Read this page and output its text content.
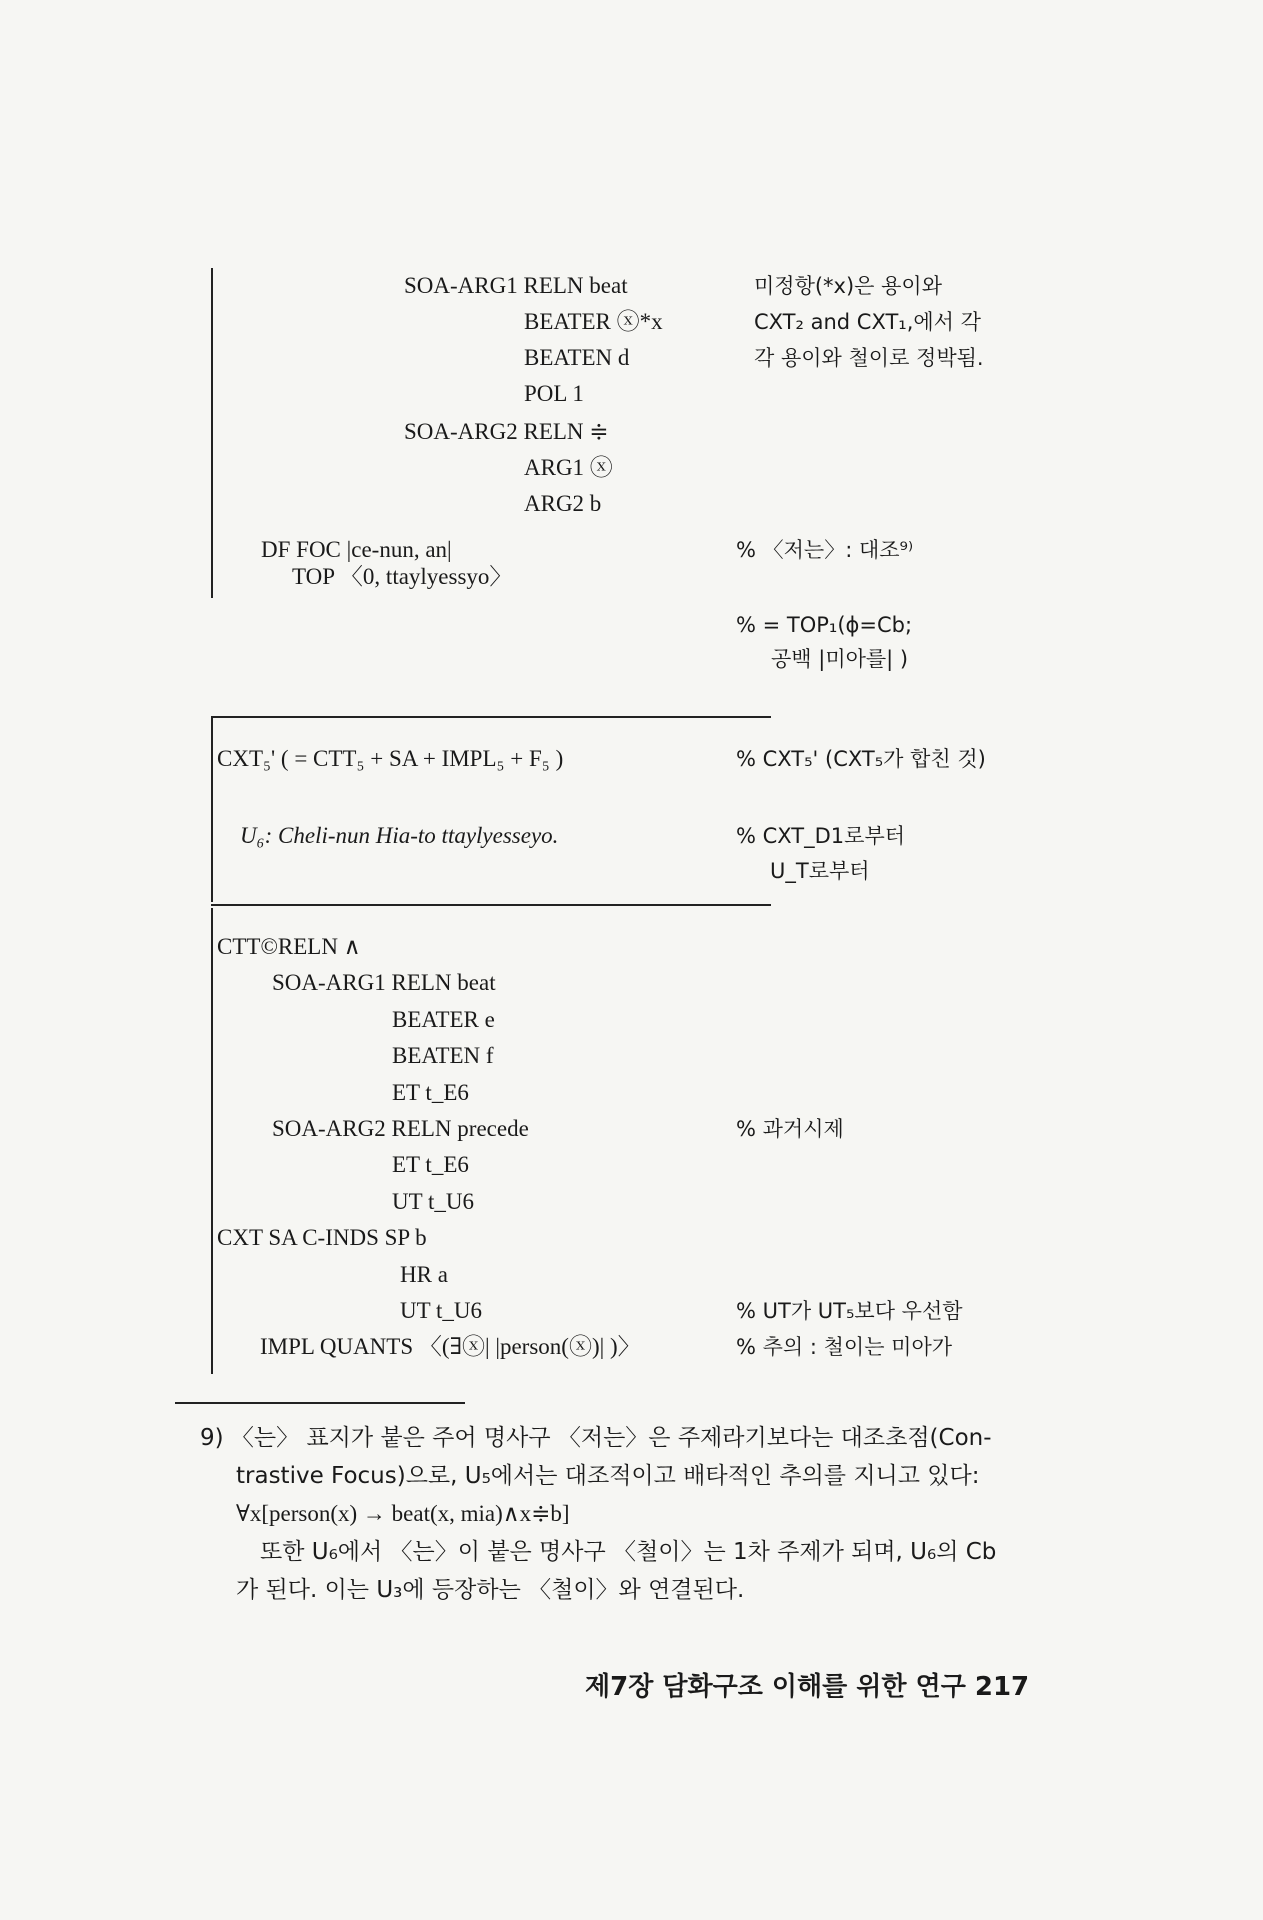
SOA-ARG1 RELN beat
BEATER ⓧ*x
BEATEN d
POL 1
SOA-ARG2 RELN ≑
ARG1 ⓧ
ARG2 b
DF FOC |ce-nun, an|
TOP 〈0, ttaylyessyo〉
미정항(*x)은 용이와
CXT₂ and CXT₁,에서 각
각 용이와 철이로 정박됨.
% 〈저는〉: 대조⁹⁾
% = TOP₁(ϕ=Cb;
공백 |미아를| )
CXT₅' ( = CTT₅ + SA + IMPL₅ + F₅ )	% CXT₅' (CXT₅가 합친 것)
U₆: Cheli-nun Hia-to ttaylyesseyo.	% CXT_D1로부터
U_T로부터
CTT©RELN ∧
SOA-ARG1 RELN beat
BEATER e
BEATEN f
ET t_E6
SOA-ARG2 RELN precede
ET t_E6
UT t_U6
CXT SA C-INDS SP b
HR a
UT t_U6
IMPL QUANTS 〈(∃ⓧ| |person(ⓧ)| )〉
% 과거시제
% UT가 UT₅보다 우선함
% 추의 : 철이는 미아가
9) 〈는〉 표지가 붙은 주어 명사구 〈저는〉은 주제라기보다는 대조초점(Con-
trastive Focus)으로, U₅에서는 대조적이고 배타적인 추의를 지니고 있다:
∀x[person(x) → beat(x, mia)∧x≑b]
또한 U₆에서 〈는〉이 붙은 명사구 〈철이〉는 1차 주제가 되며, U₆의 Cb
가 된다. 이는 U₃에 등장하는 〈철이〉와 연결된다.
제7장 담화구조 이해를 위한 연구 217
